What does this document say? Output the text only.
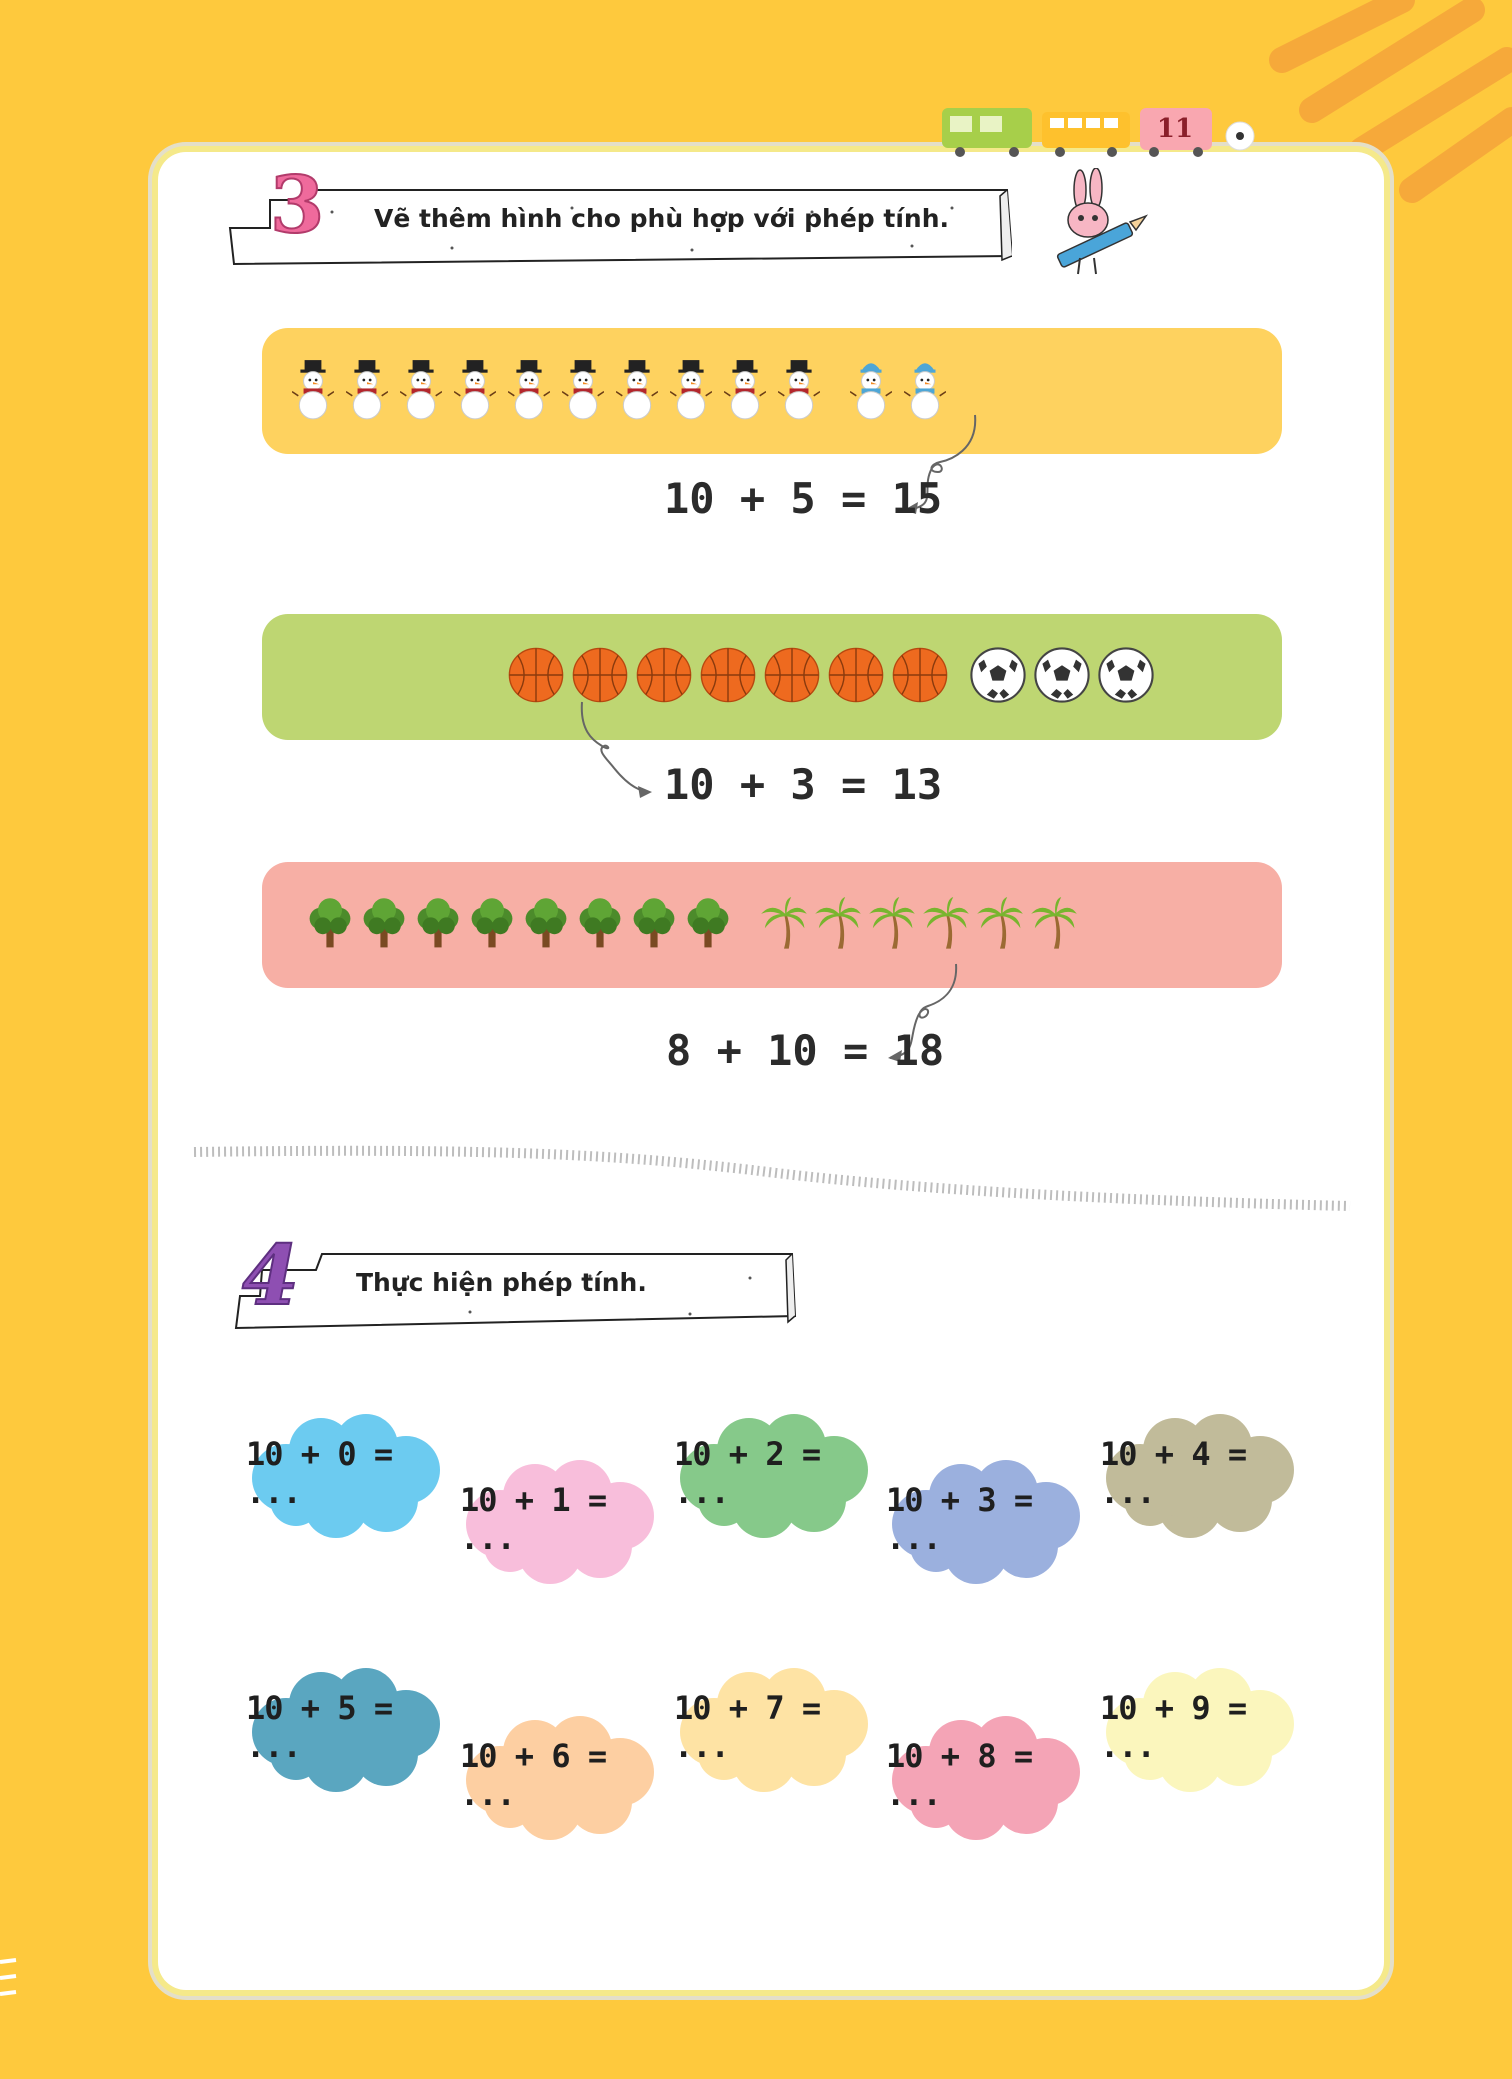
11
3 Vẽ thêm hình cho phù hợp với phép tính.
10 + 5 = 15
10 + 3 = 13
8 + 10 = 18
4 Thực hiện phép tính.
10 + 0 = ...	10 + 1 = ...
10 + 2 = ...	10 + 3 = ...
10 + 4 = ...
10 + 5 = ...	10 + 6 = ...
10 + 7 = ...	10 + 8 = ...
10 + 9 = ...
